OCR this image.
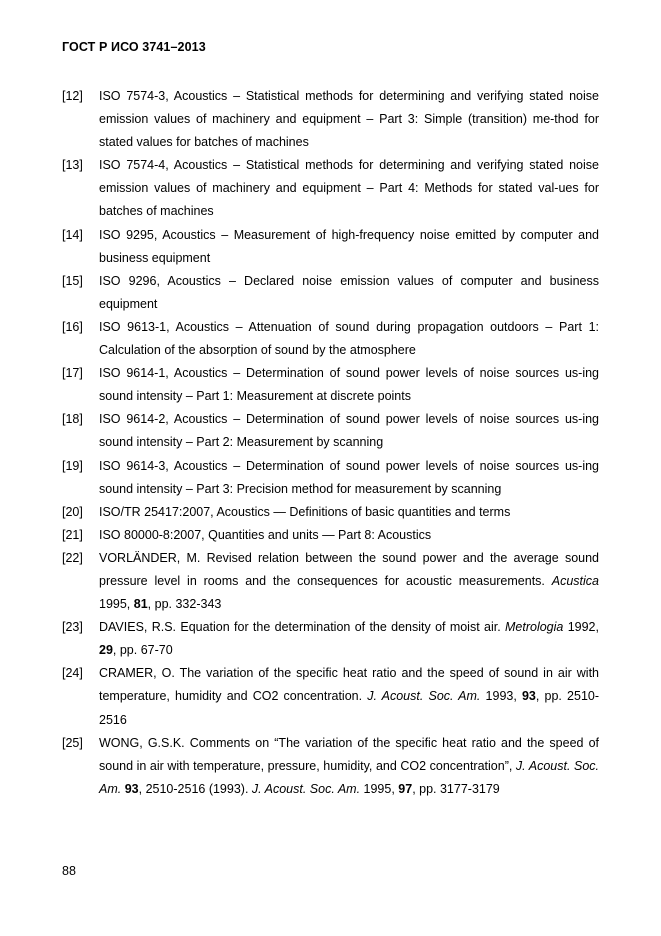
ГОСТ Р ИСО 3741–2013
[12]	ISO 7574-3, Acoustics – Statistical methods for determining and verifying stated noise emission values of machinery and equipment – Part 3: Simple (transition) me-thod for stated values for batches of machines
[13]	ISO 7574-4, Acoustics – Statistical methods for determining and verifying stated noise emission values of machinery and equipment – Part 4: Methods for stated val-ues for batches of machines
[14]	ISO 9295, Acoustics – Measurement of high-frequency noise emitted by computer and business equipment
[15]	ISO 9296, Acoustics – Declared noise emission values of computer and business equipment
[16]	ISO 9613-1, Acoustics – Attenuation of sound during propagation outdoors – Part 1: Calculation of the absorption of sound by the atmosphere
[17]	ISO 9614-1, Acoustics – Determination of sound power levels of noise sources us-ing sound intensity – Part 1: Measurement at discrete points
[18]	ISO 9614-2, Acoustics – Determination of sound power levels of noise sources us-ing sound intensity – Part 2: Measurement by scanning
[19]	ISO 9614-3, Acoustics – Determination of sound power levels of noise sources us-ing sound intensity – Part 3: Precision method for measurement by scanning
[20]	ISO/TR 25417:2007, Acoustics — Definitions of basic quantities and terms
[21]	ISO 80000-8:2007, Quantities and units — Part 8: Acoustics
[22]	VORLÄNDER, M. Revised relation between the sound power and the average sound pressure level in rooms and the consequences for acoustic measurements. Acustica 1995, 81, pp. 332-343
[23]	DAVIES, R.S. Equation for the determination of the density of moist air. Metrologia 1992, 29, pp. 67-70
[24]	CRAMER, O. The variation of the specific heat ratio and the speed of sound in air with temperature, humidity and CO2 concentration. J. Acoust. Soc. Am. 1993, 93, pp. 2510-2516
[25]	WONG, G.S.K. Comments on “The variation of the specific heat ratio and the speed of sound in air with temperature, pressure, humidity, and CO2 concentration”, J. Acoust. Soc. Am. 93, 2510-2516 (1993). J. Acoust. Soc. Am. 1995, 97, pp. 3177-3179
88
